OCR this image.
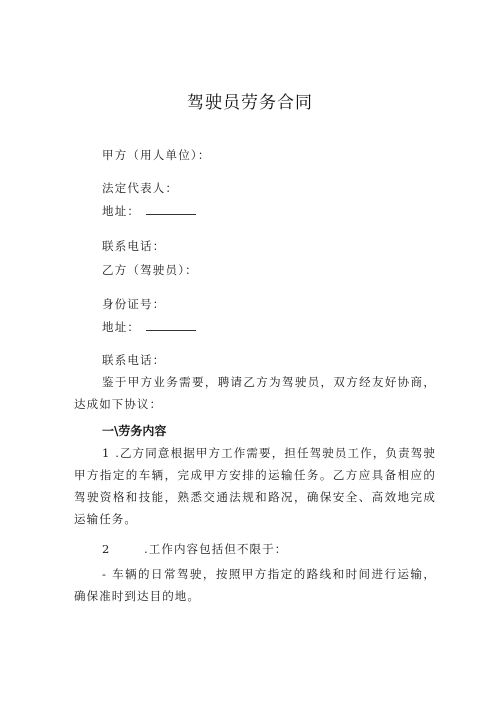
驾驶员劳务合同
甲方（用人单位）：
法定代表人：
地址：
联系电话：
乙方（驾驶员）：
身份证号：
地址：
联系电话：
鉴于甲方业务需要，聘请乙方为驾驶员，双方经友好协商，达成如下协议：
一\劳务内容
1 .乙方同意根据甲方工作需要，担任驾驶员工作，负责驾驶甲方指定的车辆，完成甲方安排的运输任务。乙方应具备相应的驾驶资格和技能，熟悉交通法规和路况，确保安全、高效地完成运输任务。
2	.工作内容包括但不限于：
- 车辆的日常驾驶，按照甲方指定的路线和时间进行运输，确保准时到达目的地。
